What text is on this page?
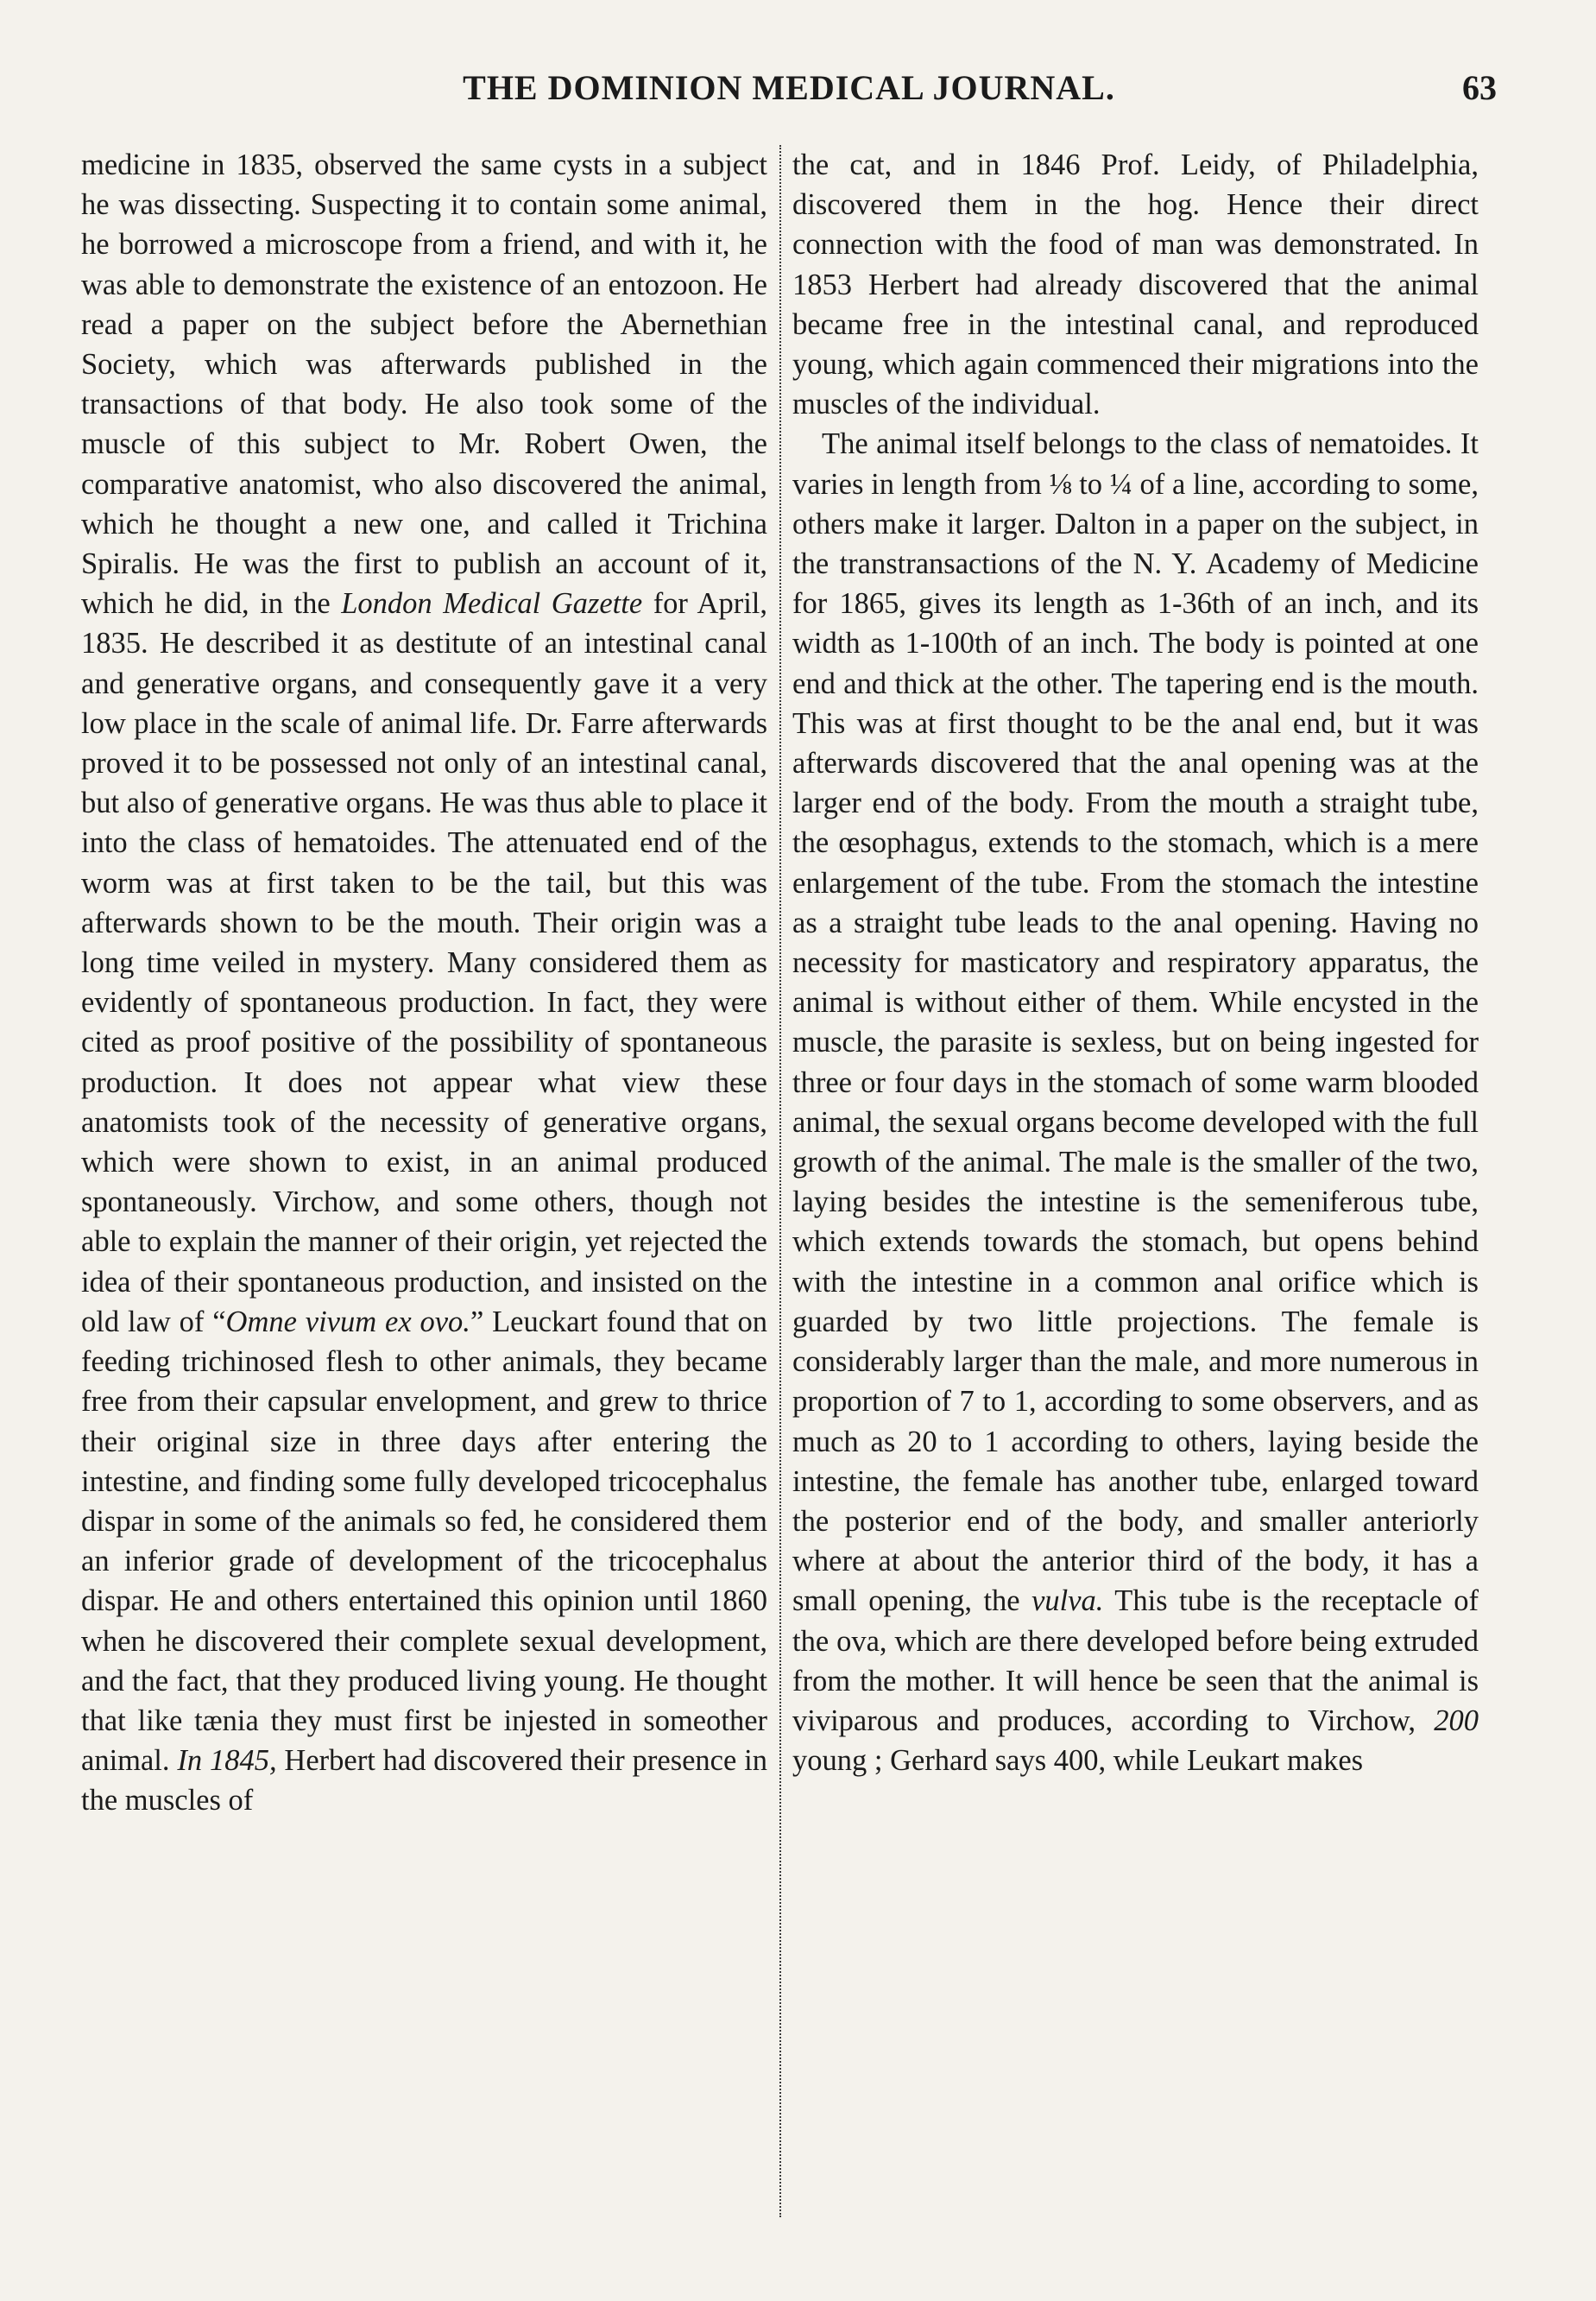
THE DOMINION MEDICAL JOURNAL.	63

medicine in 1835, observed the same cysts in a subject he was dissecting. Suspecting it to contain some animal, he borrowed a microscope from a friend, and with it, he was able to demonstrate the existence of an entozoon. He read a paper on the subject before the Abernethian Society, which was afterwards published in the transactions of that body. He also took some of the muscle of this subject to Mr. Robert Owen, the comparative anatomist, who also discovered the animal, which he thought a new one, and called it Trichina Spiralis. He was the first to publish an account of it, which he did, in the London Medical Gazette for April, 1835. He described it as destitute of an intestinal canal and generative organs, and consequently gave it a very low place in the scale of animal life. Dr. Farre afterwards proved it to be possessed not only of an intestinal canal, but also of generative organs. He was thus able to place it into the class of hematoides. The attenuated end of the worm was at first taken to be the tail, but this was afterwards shown to be the mouth. Their origin was a long time veiled in mystery. Many considered them as evidently of spontaneous production. In fact, they were cited as proof positive of the possibility of spontaneous production. It does not appear what view these anatomists took of the necessity of generative organs, which were shown to exist, in an animal produced spontaneously. Virchow, and some others, though not able to explain the manner of their origin, yet rejected the idea of their spontaneous production, and insisted on the old law of “Omne vivum ex ovo.” Leuckart found that on feeding trichinosed flesh to other animals, they became free from their capsular envelopment, and grew to thrice their original size in three days after entering the intestine, and finding some fully developed tricocephalus dispar in some of the animals so fed, he considered them an inferior grade of development of the tricocephalus dispar. He and others entertained this opinion until 1860 when he discovered their complete sexual development, and the fact, that they produced living young. He thought that like tænia they must first be injested in someother animal. In 1845, Herbert had discovered their presence in the muscles of

the cat, and in 1846 Prof. Leidy, of Philadelphia, discovered them in the hog. Hence their direct connection with the food of man was demonstrated. In 1853 Herbert had already discovered that the animal became free in the intestinal canal, and reproduced young, which again commenced their migrations into the muscles of the individual.

The animal itself belongs to the class of nematoides. It varies in length from ⅛ to ¼ of a line, according to some, others make it larger. Dalton in a paper on the subject, in the transtransactions of the N. Y. Academy of Medicine for 1865, gives its length as 1-36th of an inch, and its width as 1-100th of an inch. The body is pointed at one end and thick at the other. The tapering end is the mouth. This was at first thought to be the anal end, but it was afterwards discovered that the anal opening was at the larger end of the body. From the mouth a straight tube, the œsophagus, extends to the stomach, which is a mere enlargement of the tube. From the stomach the intestine as a straight tube leads to the anal opening. Having no necessity for masticatory and respiratory apparatus, the animal is without either of them. While encysted in the muscle, the parasite is sexless, but on being ingested for three or four days in the stomach of some warm blooded animal, the sexual organs become developed with the full growth of the animal. The male is the smaller of the two, laying besides the intestine is the semeniferous tube, which extends towards the stomach, but opens behind with the intestine in a common anal orifice which is guarded by two little projections. The female is considerably larger than the male, and more numerous in proportion of 7 to 1, according to some observers, and as much as 20 to 1 according to others, laying beside the intestine, the female has another tube, enlarged toward the posterior end of the body, and smaller anteriorly where at about the anterior third of the body, it has a small opening, the vulva. This tube is the receptacle of the ova, which are there developed before being extruded from the mother. It will hence be seen that the animal is viviparous and produces, according to Virchow, 200 young ; Gerhard says 400, while Leukart makes
